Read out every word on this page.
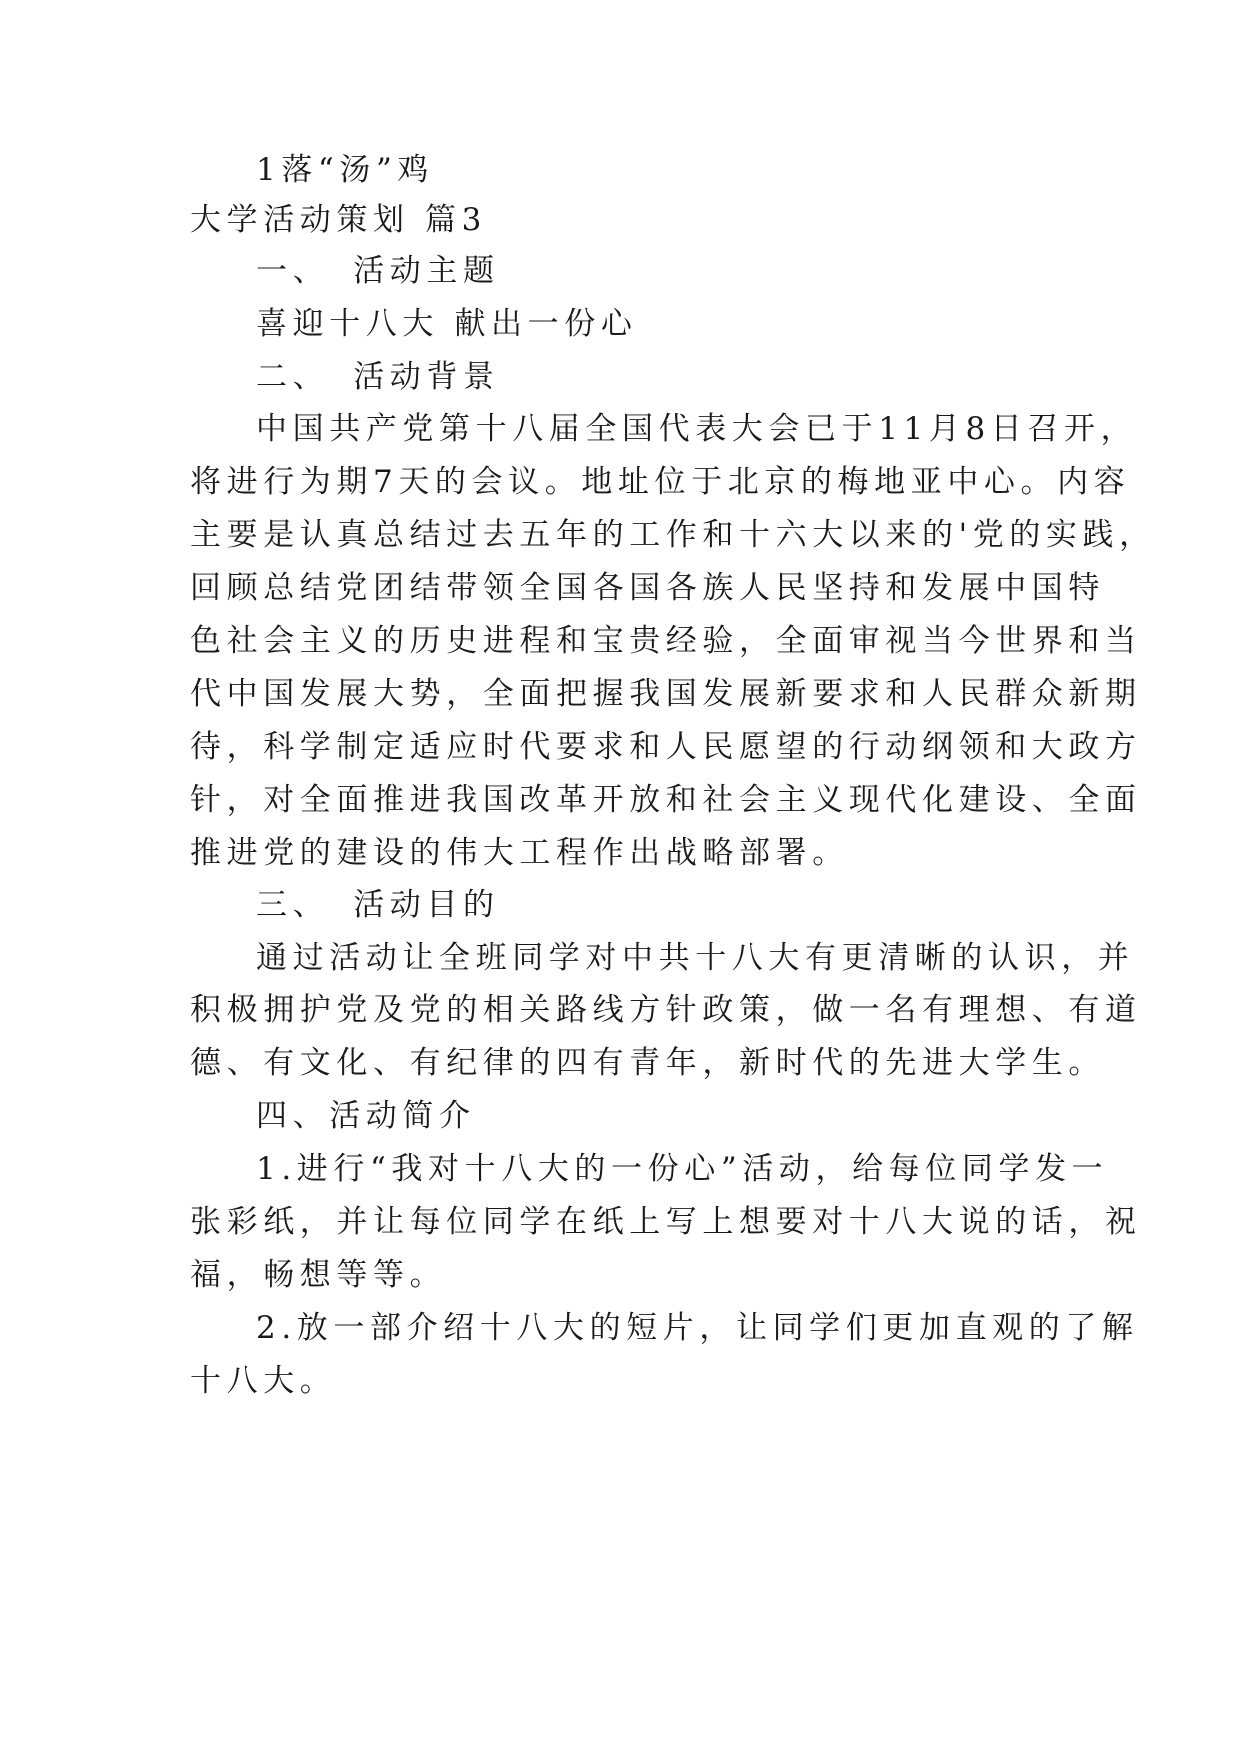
1落“汤”鸡
大学活动策划 篇3
一、 活动主题
喜迎十八大 献出一份心
二、 活动背景
中国共产党第十八届全国代表大会已于11月8日召开，
将进行为期7天的会议。地址位于北京的梅地亚中心。内容
主要是认真总结过去五年的工作和十六大以来的'党的实践，
回顾总结党团结带领全国各国各族人民坚持和发展中国特
色社会主义的历史进程和宝贵经验，全面审视当今世界和当
代中国发展大势，全面把握我国发展新要求和人民群众新期
待，科学制定适应时代要求和人民愿望的行动纲领和大政方
针，对全面推进我国改革开放和社会主义现代化建设、全面
推进党的建设的伟大工程作出战略部署。
三、 活动目的
通过活动让全班同学对中共十八大有更清晰的认识，并
积极拥护党及党的相关路线方针政策，做一名有理想、有道
德、有文化、有纪律的四有青年，新时代的先进大学生。
四、活动简介
1.进行“我对十八大的一份心”活动，给每位同学发一
张彩纸，并让每位同学在纸上写上想要对十八大说的话，祝
福，畅想等等。
2.放一部介绍十八大的短片，让同学们更加直观的了解
十八大。
